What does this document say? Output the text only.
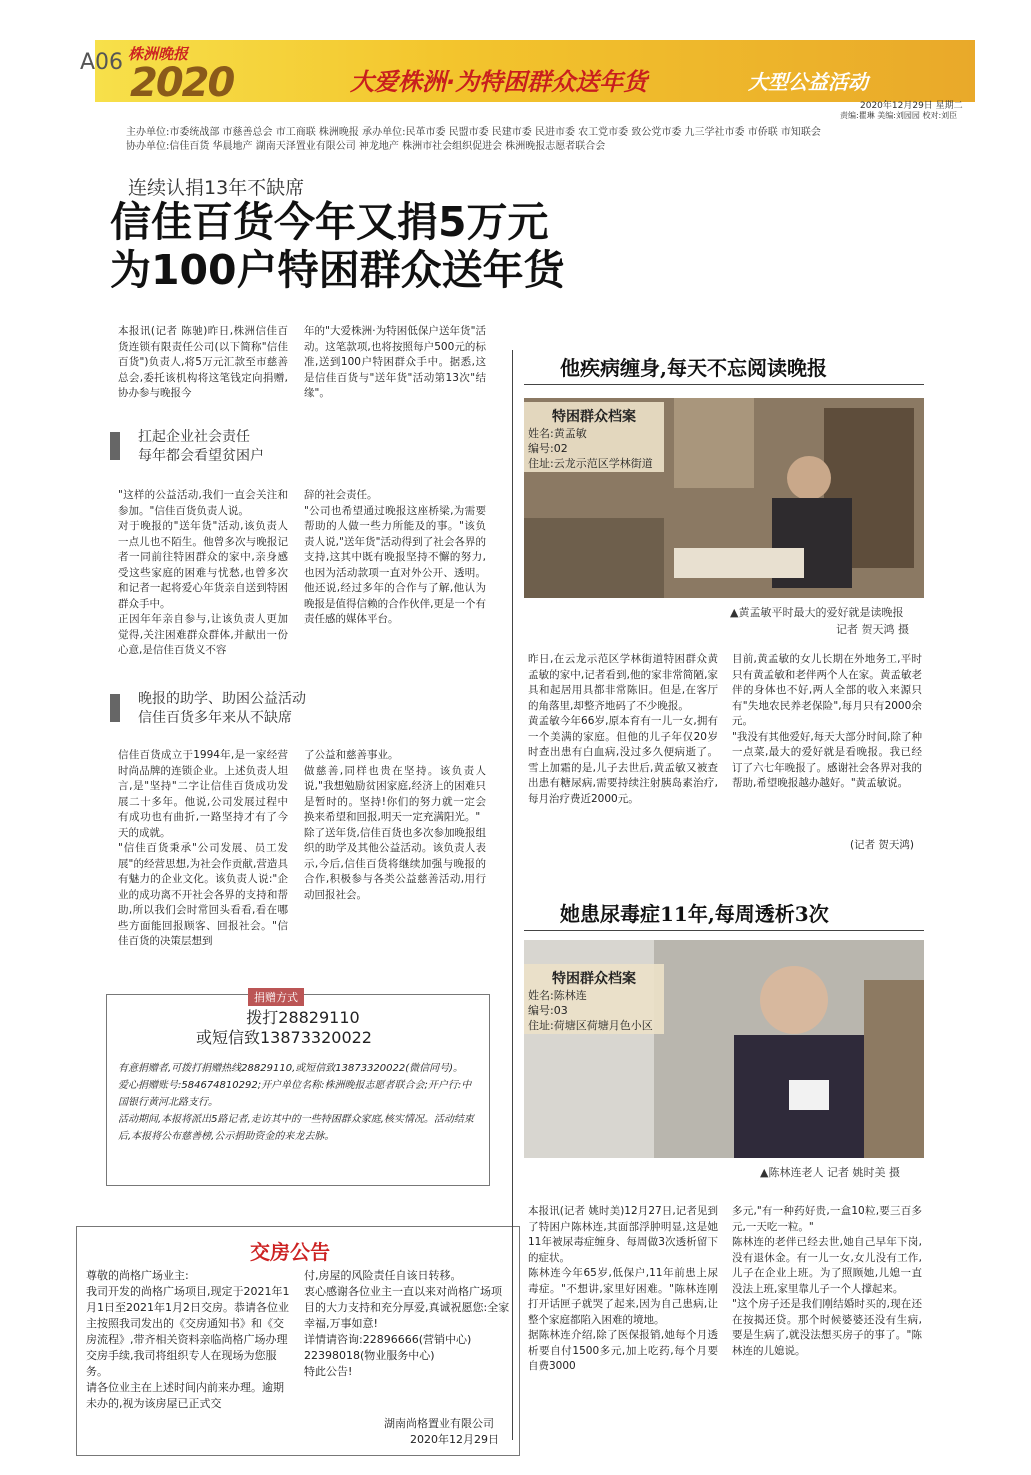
A06 株洲晚报
2020	大爱株洲·为特困群众送年货	大型公益活动
2020年12月29日 星期二
责编:瞿琳 美编:刘园园 校对:刘臣
主办单位:市委统战部 市慈善总会 市工商联 株洲晚报 承办单位:民革市委 民盟市委 民建市委 民进市委 农工党市委 致公党市委 九三学社市委 市侨联 市知联会
协办单位:信佳百货 华晨地产 湖南天泽置业有限公司 神龙地产 株洲市社会组织促进会 株洲晚报志愿者联合会
连续认捐13年不缺席
信佳百货今年又捐5万元
为100户特困群众送年货
本报讯(记者 陈驰)昨日,株洲信佳百货连锁有限责任公司(以下简称"信佳百货")负责人,将5万元汇款至市慈善总会,委托该机构将这笔钱定向捐赠,协办参与晚报今
年的"大爱株洲·为特困低保户送年货"活动。这笔款项,也将按照每户500元的标准,送到100户特困群众手中。据悉,这是信佳百货与"送年货"活动第13次"结缘"。
扛起企业社会责任
每年都会看望贫困户
"这样的公益活动,我们一直会关注和参加。"信佳百货负责人说。
对于晚报的"送年货"活动,该负责人一点儿也不陌生。他曾多次与晚报记者一同前往特困群众的家中,亲身感受这些家庭的困难与忧愁,也曾多次和记者一起将爱心年货亲自送到特困群众手中。
正因年年亲自参与,让该负责人更加觉得,关注困难群众群体,并献出一份心意,是信佳百货义不容
辞的社会责任。
"公司也希望通过晚报这座桥梁,为需要帮助的人做一些力所能及的事。"该负责人说,"送年货"活动得到了社会各界的支持,这其中既有晚报坚持不懈的努力,也因为活动款项一直对外公开、透明。他还说,经过多年的合作与了解,他认为晚报是值得信赖的合作伙伴,更是一个有责任感的媒体平台。
晚报的助学、助困公益活动
信佳百货多年来从不缺席
信佳百货成立于1994年,是一家经营时尚品牌的连锁企业。上述负责人坦言,是"坚持"二字让信佳百货成功发展二十多年。他说,公司发展过程中有成功也有曲折,一路坚持才有了今天的成就。
"信佳百货秉承"公司发展、员工发展"的经营思想,为社会作贡献,营造具有魅力的企业文化。该负责人说:"企业的成功离不开社会各界的支持和帮助,所以我们会时常回头看看,看在哪些方面能回报顾客、回报社会。"信佳百货的决策层想到
了公益和慈善事业。
做慈善,同样也贵在坚持。该负责人说,"我想勉励贫困家庭,经济上的困难只是暂时的。坚持!你们的努力就一定会换来希望和回报,明天一定充满阳光。"
除了送年货,信佳百货也多次参加晚报组织的助学及其他公益活动。该负责人表示,今后,信佳百货将继续加强与晚报的合作,积极参与各类公益慈善活动,用行动回报社会。
捐赠方式
拨打28829110
或短信致13873320022
有意捐赠者,可拨打捐赠热线28829110,或短信致13873320022(微信同号)。
爱心捐赠账号:584674810292;开户单位名称:株洲晚报志愿者联合会;开户行:中国银行黄河北路支行。
活动期间,本报将派出5路记者,走访其中的一些特困群众家庭,核实情况。活动结束后,本报将公布慈善榜,公示捐助资金的来龙去脉。
交房公告
尊敬的尚格广场业主:
我司开发的尚格广场项目,现定于2021年1月1日至2021年1月2日交房。恭请各位业主按照我司发出的《交房通知书》和《交房流程》,带齐相关资料亲临尚格广场办理交房手续,我司将组织专人在现场为您服务。
请各位业主在上述时间内前来办理。逾期未办的,视为该房屋已正式交
付,房屋的风险责任自该日转移。
衷心感谢各位业主一直以来对尚格广场项目的大力支持和充分厚爱,真诚祝愿您:全家幸福,万事如意!
详情请咨询:22896666(营销中心) 22398018(物业服务中心)
特此公告!
湖南尚格置业有限公司
2020年12月29日
他疾病缠身,每天不忘阅读晚报
特困群众档案
姓名:黄孟敏
编号:02
住址:云龙示范区学林街道
▲黄孟敏平时最大的爱好就是读晚报
记者 贺天鸿 摄
昨日,在云龙示范区学林街道特困群众黄孟敏的家中,记者看到,他的家非常简陋,家具和起居用具都非常陈旧。但是,在客厅的角落里,却整齐地码了不少晚报。
黄孟敏今年66岁,原本育有一儿一女,拥有一个美满的家庭。但他的儿子年仅20岁时查出患有白血病,没过多久便病逝了。雪上加霜的是,儿子去世后,黄孟敏又被查出患有糖尿病,需要持续注射胰岛素治疗,每月治疗费近2000元。
目前,黄孟敏的女儿长期在外地务工,平时只有黄孟敏和老伴两个人在家。黄孟敏老伴的身体也不好,两人全部的收入来源只有"失地农民养老保险",每月只有2000余元。
"我没有其他爱好,每天大部分时间,除了种一点菜,最大的爱好就是看晚报。我已经订了六七年晚报了。感谢社会各界对我的帮助,希望晚报越办越好。"黄孟敏说。
(记者 贺天鸿)
她患尿毒症11年,每周透析3次
特困群众档案
姓名:陈林连
编号:03
住址:荷塘区荷塘月色小区
▲陈林连老人 记者 姚时美 摄
本报讯(记者 姚时美)12月27日,记者见到了特困户陈林连,其面部浮肿明显,这是她11年被尿毒症缠身、每周做3次透析留下的症状。
陈林连今年65岁,低保户,11年前患上尿毒症。"不想讲,家里好困难。"陈林连刚打开话匣子就哭了起来,因为自己患病,让整个家庭都陷入困难的境地。
据陈林连介绍,除了医保报销,她每个月透析要自付1500多元,加上吃药,每个月要自费3000
多元,"有一种药好贵,一盒10粒,要三百多元,一天吃一粒。"
陈林连的老伴已经去世,她自己早年下岗,没有退休金。有一儿一女,女儿没有工作,儿子在企业上班。为了照顾她,儿媳一直没法上班,家里靠儿子一个人撑起来。
"这个房子还是我们刚结婚时买的,现在还在按揭还贷。那个时候婆婆还没有生病,要是生病了,就没法想买房子的事了。"陈林连的儿媳说。
